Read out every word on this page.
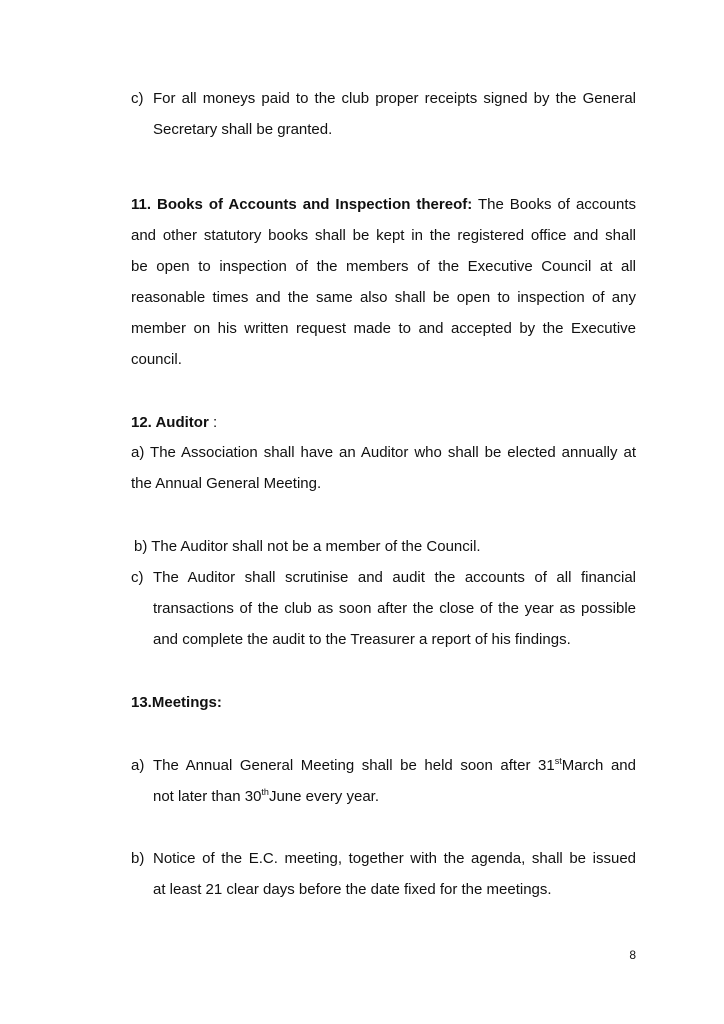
c) For all moneys paid to the club proper receipts signed by the General
Secretary shall be granted.
11. Books of Accounts and Inspection thereof: The Books of accounts
and other statutory books shall be kept in the registered office and shall
be open to inspection of the members of the Executive Council at all
reasonable times and the same also shall be open to inspection of any
member on his written request made to and accepted by the Executive
council.
12. Auditor :
a) The Association shall have an Auditor who shall be elected annually at
the Annual General Meeting.
b) The Auditor shall not be a member of the Council.
c) The Auditor shall scrutinise and audit the accounts of all financial
transactions of the club as soon after the close of the year as possible
and complete the audit to the Treasurer a report of his findings.
13.Meetings:
a) The Annual General Meeting shall be held soon after 31stMarch and
not later than 30thJune every year.
b) Notice of the E.C. meeting, together with the agenda, shall be issued
at least 21 clear days before the date fixed for the meetings.
8
